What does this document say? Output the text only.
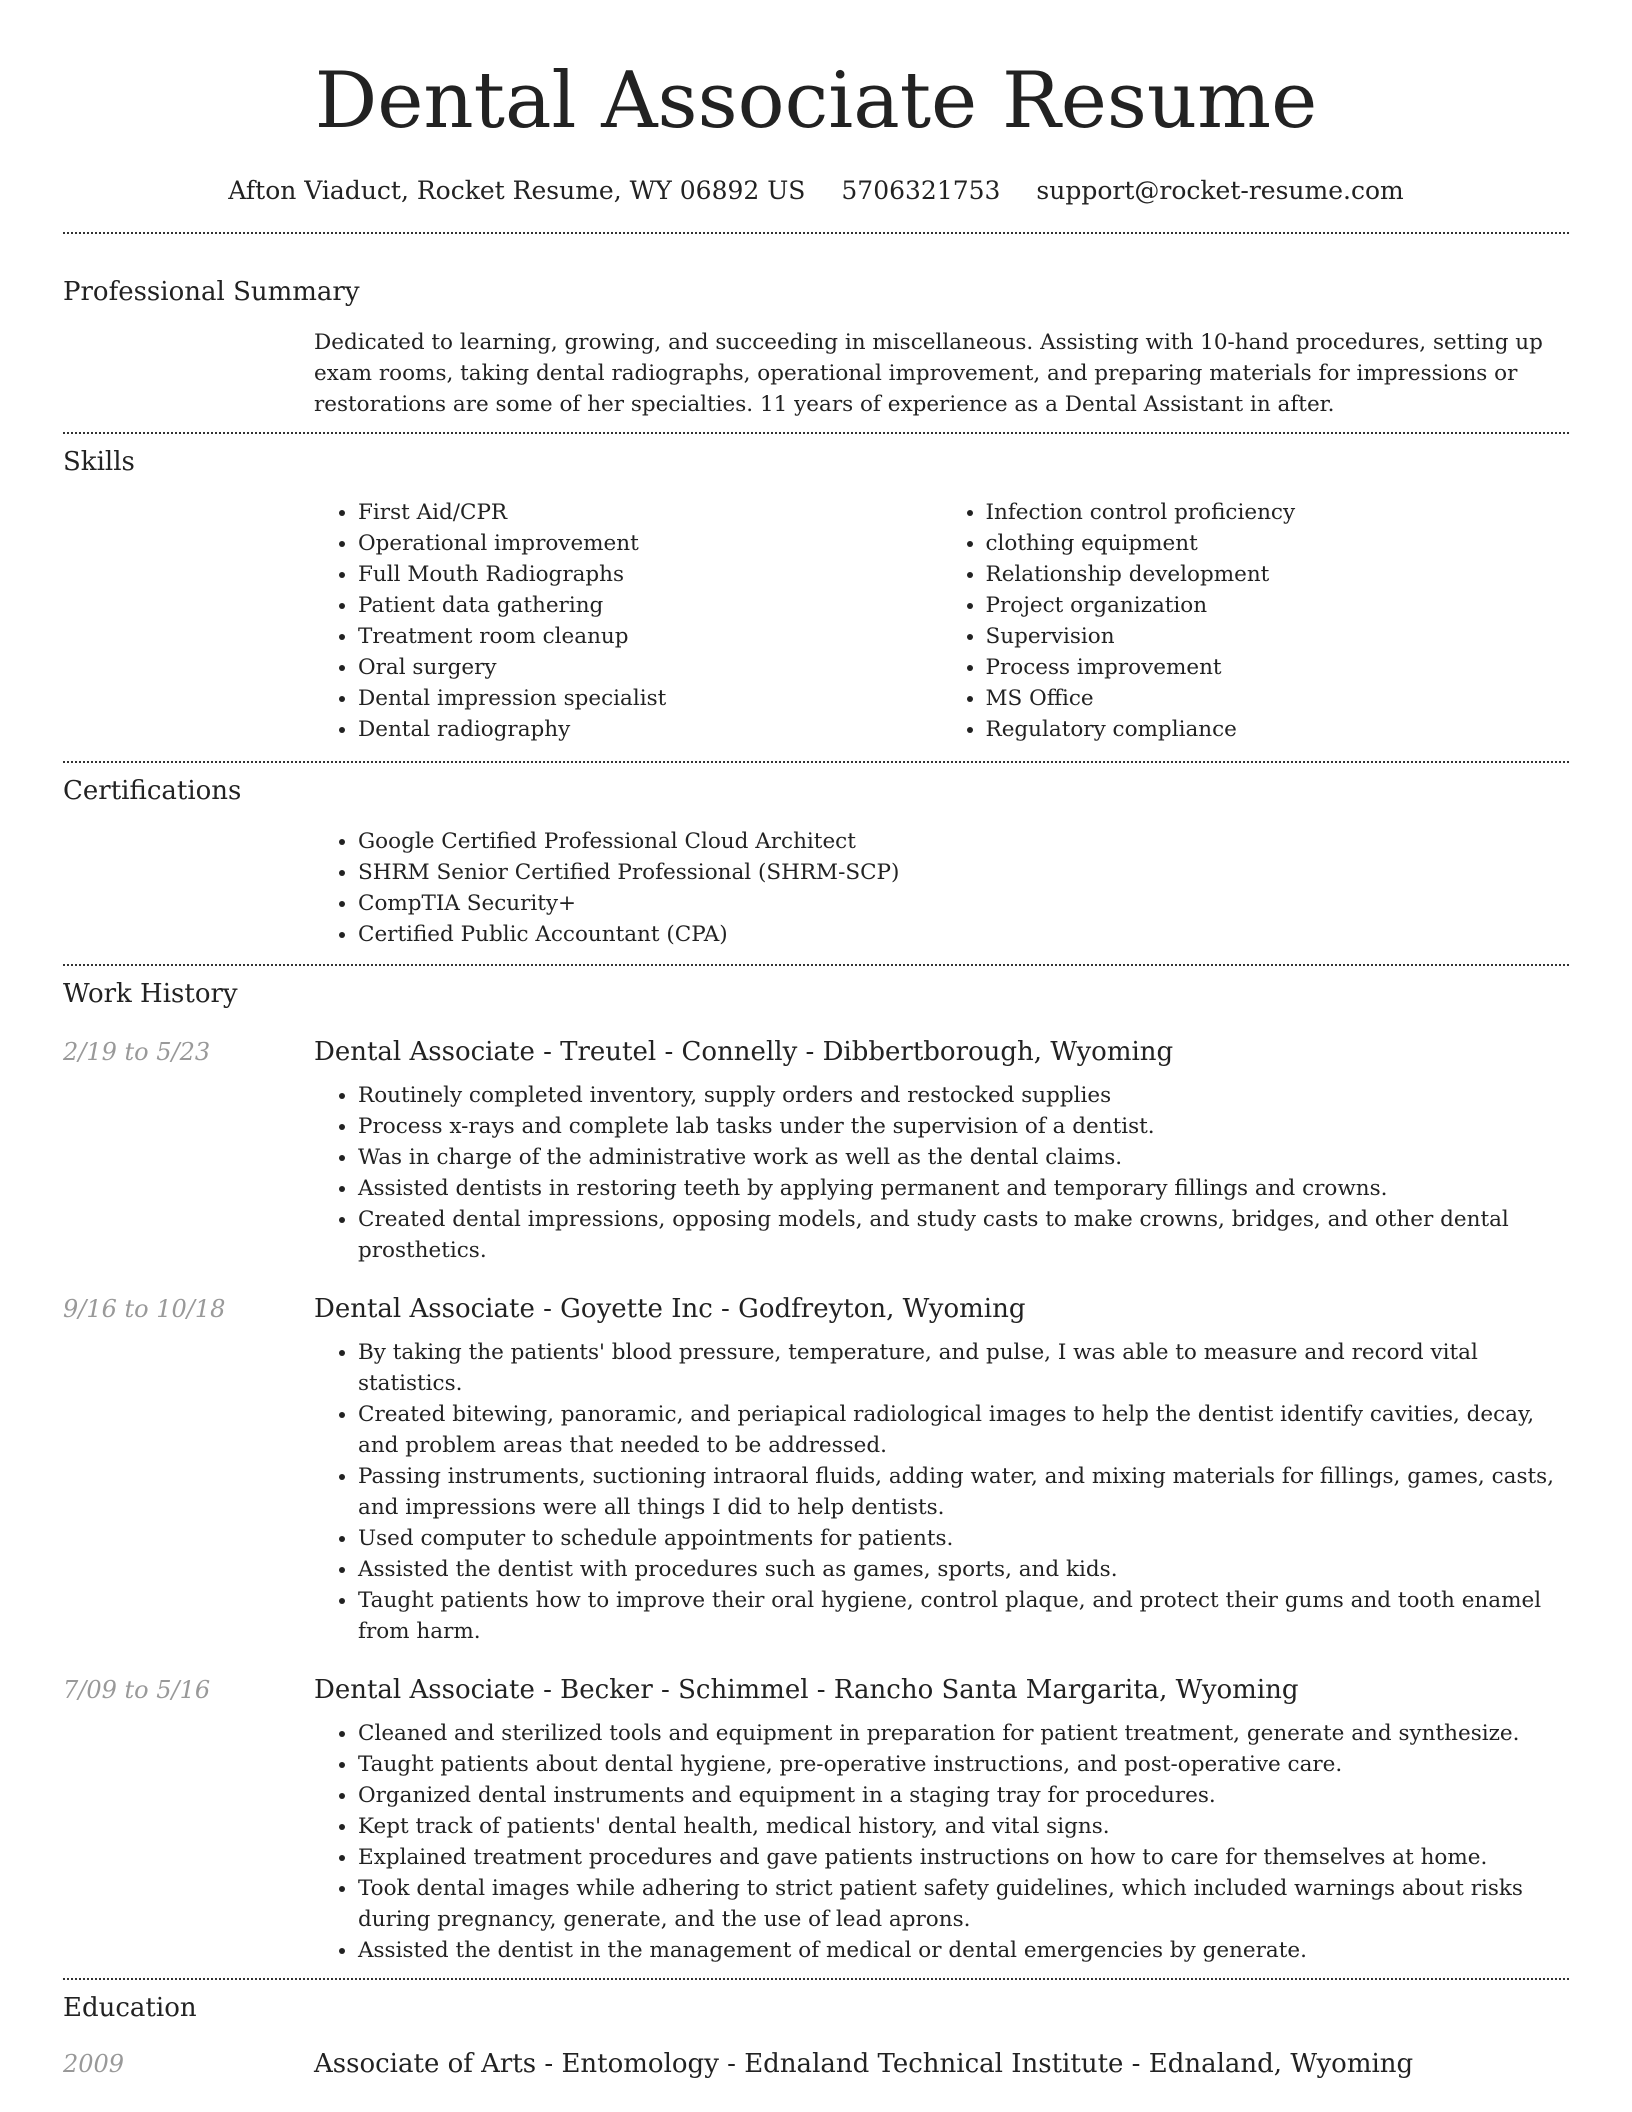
Dental Associate Resume
Afton Viaduct, Rocket Resume, WY 06892 US 5706321753 support@rocket-resume.com
Professional Summary

Dedicated to learning, growing, and succeeding in miscellaneous. Assisting with 10-hand procedures, setting up exam rooms, taking dental radiographs, operational improvement, and preparing materials for impressions or restorations are some of her specialties. 11 years of experience as a Dental Assistant in after.

Skills
• First Aid/CPR
• Operational improvement
• Full Mouth Radiographs
• Patient data gathering
• Treatment room cleanup
• Oral surgery
• Dental impression specialist
• Dental radiography
• Infection control proficiency
• clothing equipment
• Relationship development
• Project organization
• Supervision
• Process improvement
• MS Office
• Regulatory compliance
Certifications
• Google Certified Professional Cloud Architect
• SHRM Senior Certified Professional (SHRM-SCP)
• CompTIA Security+
• Certified Public Accountant (CPA)
Work History
2/19 to 5/23	Dental Associate - Treutel - Connelly - Dibbertborough, Wyoming
• Routinely completed inventory, supply orders and restocked supplies
• Process x-rays and complete lab tasks under the supervision of a dentist.
• Was in charge of the administrative work as well as the dental claims.
• Assisted dentists in restoring teeth by applying permanent and temporary fillings and crowns.
• Created dental impressions, opposing models, and study casts to make crowns, bridges, and other dental prosthetics.
9/16 to 10/18	Dental Associate - Goyette Inc - Godfreyton, Wyoming
• By taking the patients' blood pressure, temperature, and pulse, I was able to measure and record vital statistics.
• Created bitewing, panoramic, and periapical radiological images to help the dentist identify cavities, decay, and problem areas that needed to be addressed.
• Passing instruments, suctioning intraoral fluids, adding water, and mixing materials for fillings, games, casts, and impressions were all things I did to help dentists.
• Used computer to schedule appointments for patients.
• Assisted the dentist with procedures such as games, sports, and kids.
• Taught patients how to improve their oral hygiene, control plaque, and protect their gums and tooth enamel from harm.
7/09 to 5/16	Dental Associate - Becker - Schimmel - Rancho Santa Margarita, Wyoming
• Cleaned and sterilized tools and equipment in preparation for patient treatment, generate and synthesize.
• Taught patients about dental hygiene, pre-operative instructions, and post-operative care.
• Organized dental instruments and equipment in a staging tray for procedures.
• Kept track of patients' dental health, medical history, and vital signs.
• Explained treatment procedures and gave patients instructions on how to care for themselves at home.
• Took dental images while adhering to strict patient safety guidelines, which included warnings about risks during pregnancy, generate, and the use of lead aprons.
• Assisted the dentist in the management of medical or dental emergencies by generate.
Education
2009	Associate of Arts - Entomology - Ednaland Technical Institute - Ednaland, Wyoming
